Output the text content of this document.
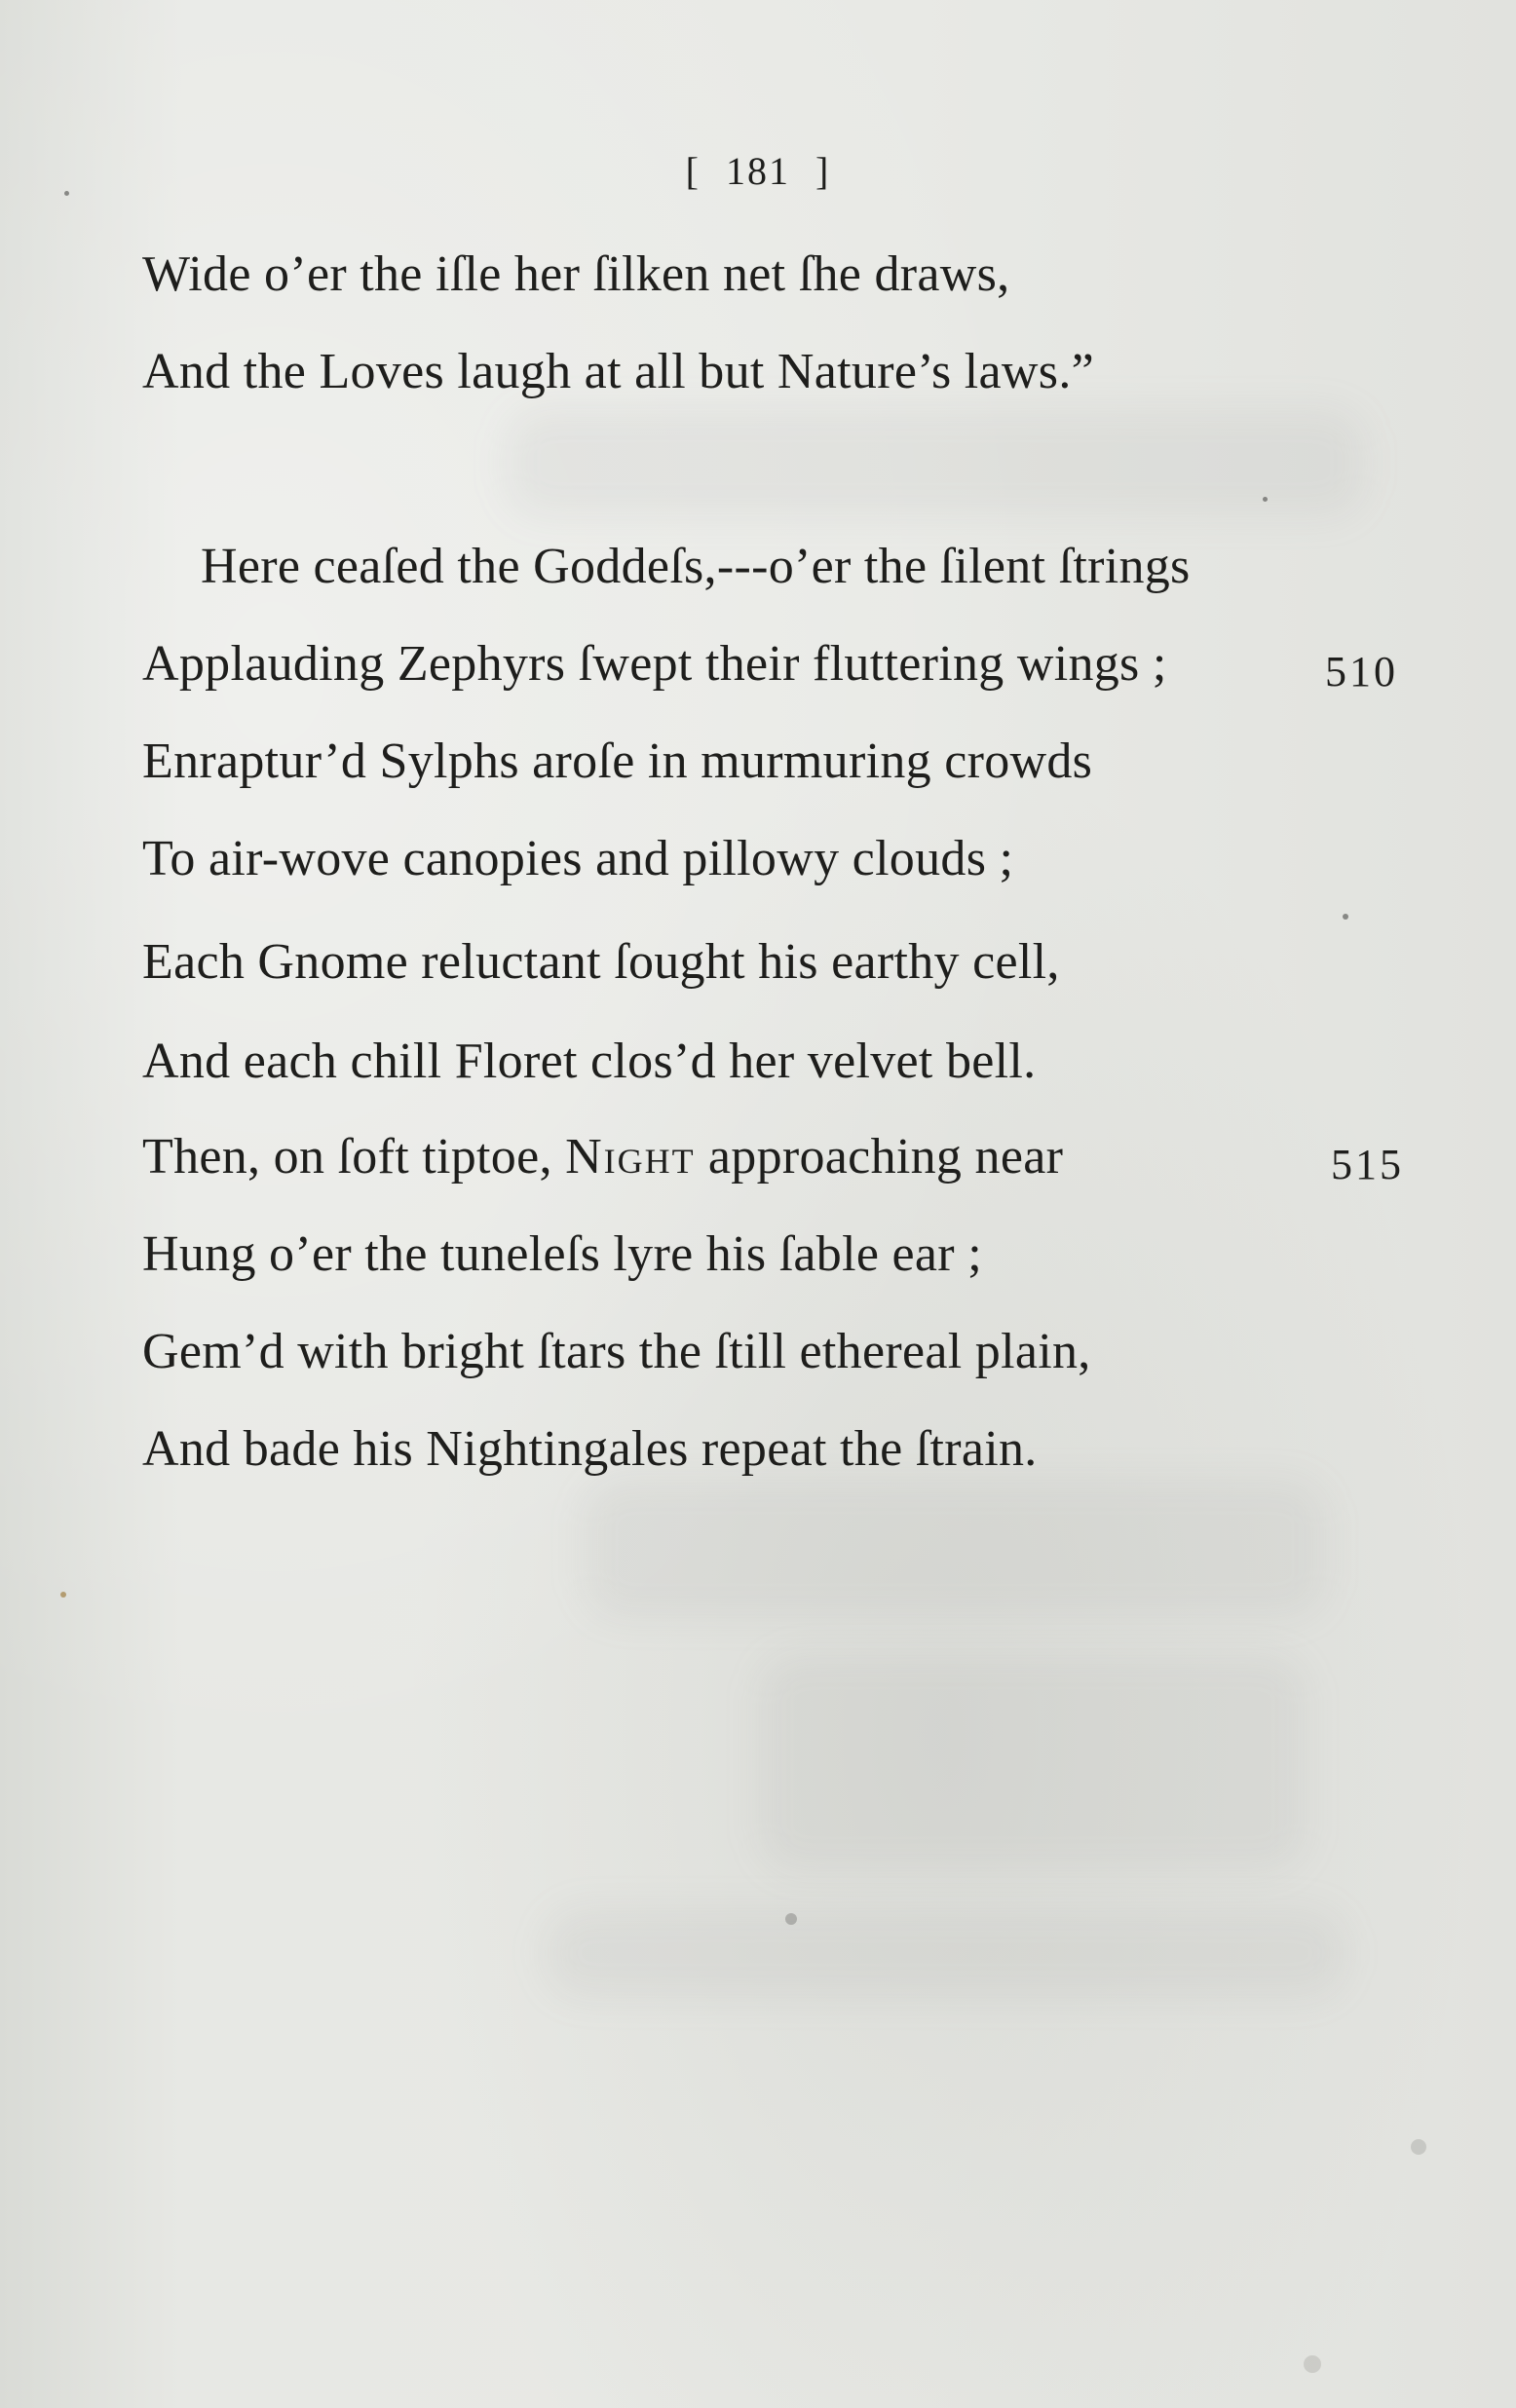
[ 181 ]
Wide o’er the iſle her ſilken net ſhe draws,
And the Loves laugh at all but Nature’s laws.”
Here ceaſed the Goddeſs,---o’er the ſilent ſtrings
Applauding Zephyrs ſwept their fluttering wings ;	510
Enraptur’d Sylphs aroſe in murmuring crowds
To air-wove canopies and pillowy clouds ;
Each Gnome reluctant ſought his earthy cell,
And each chill Floret clos’d her velvet bell.
Then, on ſoft tiptoe, Night approaching near	515
Hung o’er the tuneleſs lyre his ſable ear ;
Gem’d with bright ſtars the ſtill ethereal plain,
And bade his Nightingales repeat the ſtrain.
